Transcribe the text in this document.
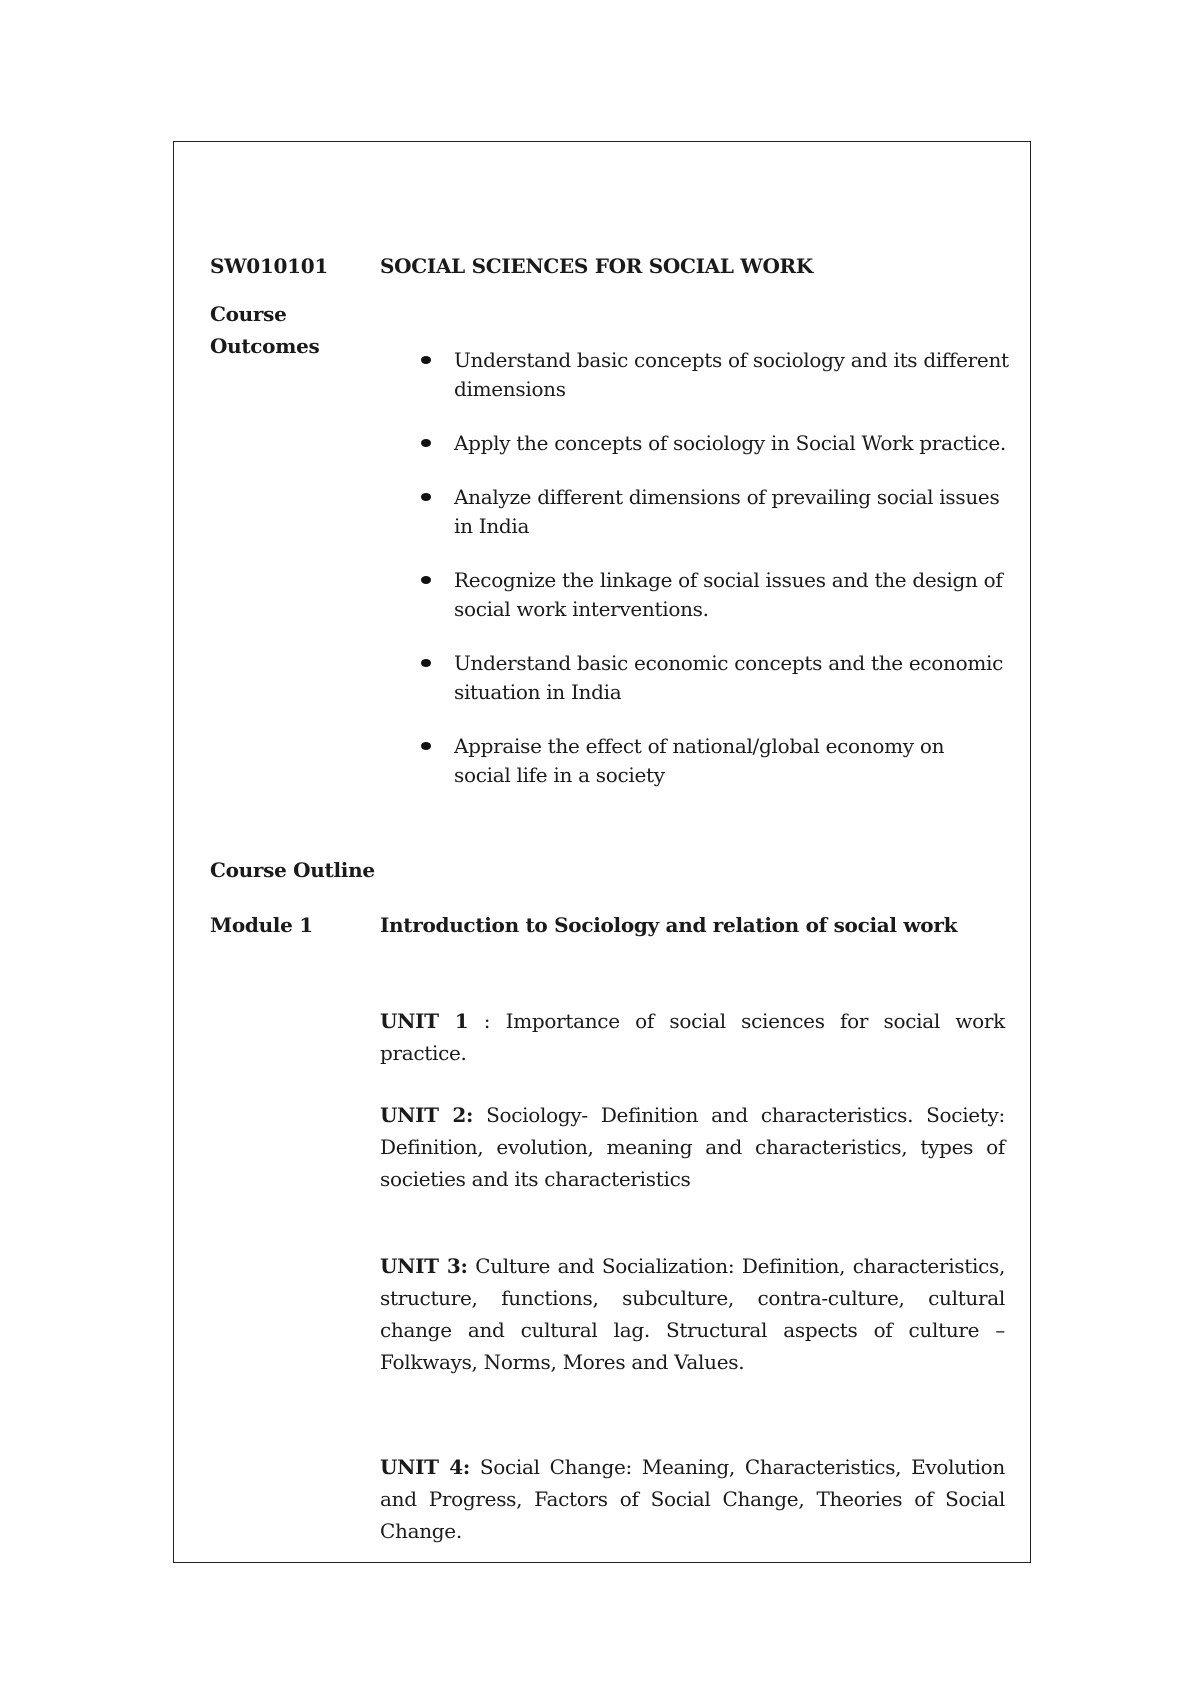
SW010101	SOCIAL SCIENCES FOR SOCIAL WORK
Course
Outcomes
Understand basic concepts of sociology and its different
dimensions
Apply the concepts of sociology in Social Work practice.
Analyze different dimensions of prevailing social issues
in India
Recognize the linkage of social issues and the design of
social work interventions.
Understand basic economic concepts and the economic
situation in India
Appraise the effect of national/global economy on
social life in a society
Course Outline
Module 1	Introduction to Sociology and relation of social work

UNIT 1 : Importance of social sciences for social work practice.

UNIT 2: Sociology- Definition and characteristics. Society: Definition, evolution, meaning and characteristics, types of societies and its characteristics

UNIT 3: Culture and Socialization: Definition, characteristics, structure, functions, subculture, contra-culture, cultural change and cultural lag. Structural aspects of culture – Folkways, Norms, Mores and Values.

UNIT 4: Social Change: Meaning, Characteristics, Evolution and Progress, Factors of Social Change, Theories of Social Change.
